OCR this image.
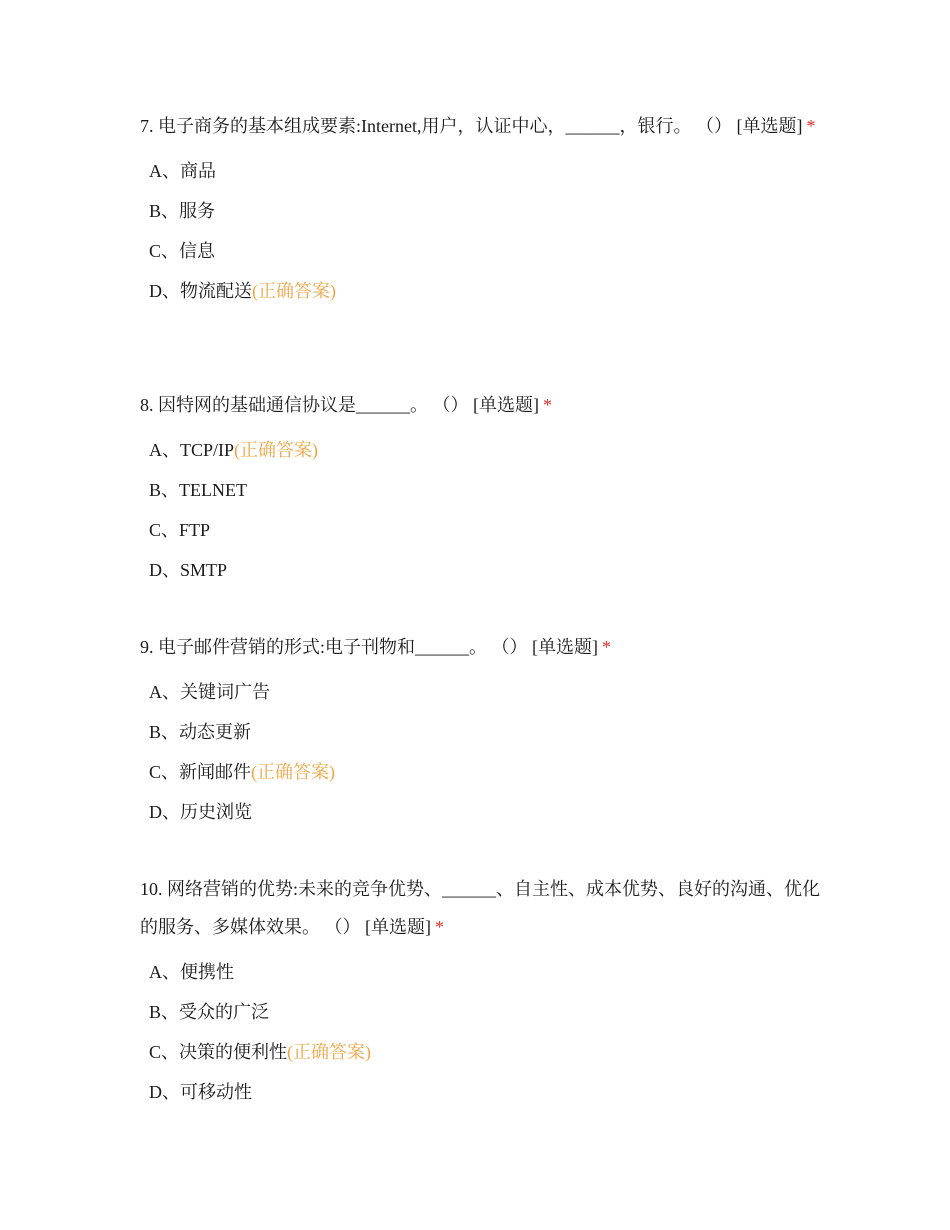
7. 电子商务的基本组成要素:Internet,用户，认证中心，______，银行。 （） [单选题] *
A、商品
B、服务
C、信息
D、物流配送(正确答案)
8. 因特网的基础通信协议是______。 （） [单选题] *
A、TCP/IP(正确答案)
B、TELNET
C、FTP
D、SMTP
9. 电子邮件营销的形式:电子刊物和______。 （） [单选题] *
A、关键词广告
B、动态更新
C、新闻邮件(正确答案)
D、历史浏览
10. 网络营销的优势:未来的竞争优势、______、自主性、成本优势、良好的沟通、优化的服务、多媒体效果。 （） [单选题] *
A、便携性
B、受众的广泛
C、决策的便利性(正确答案)
D、可移动性
